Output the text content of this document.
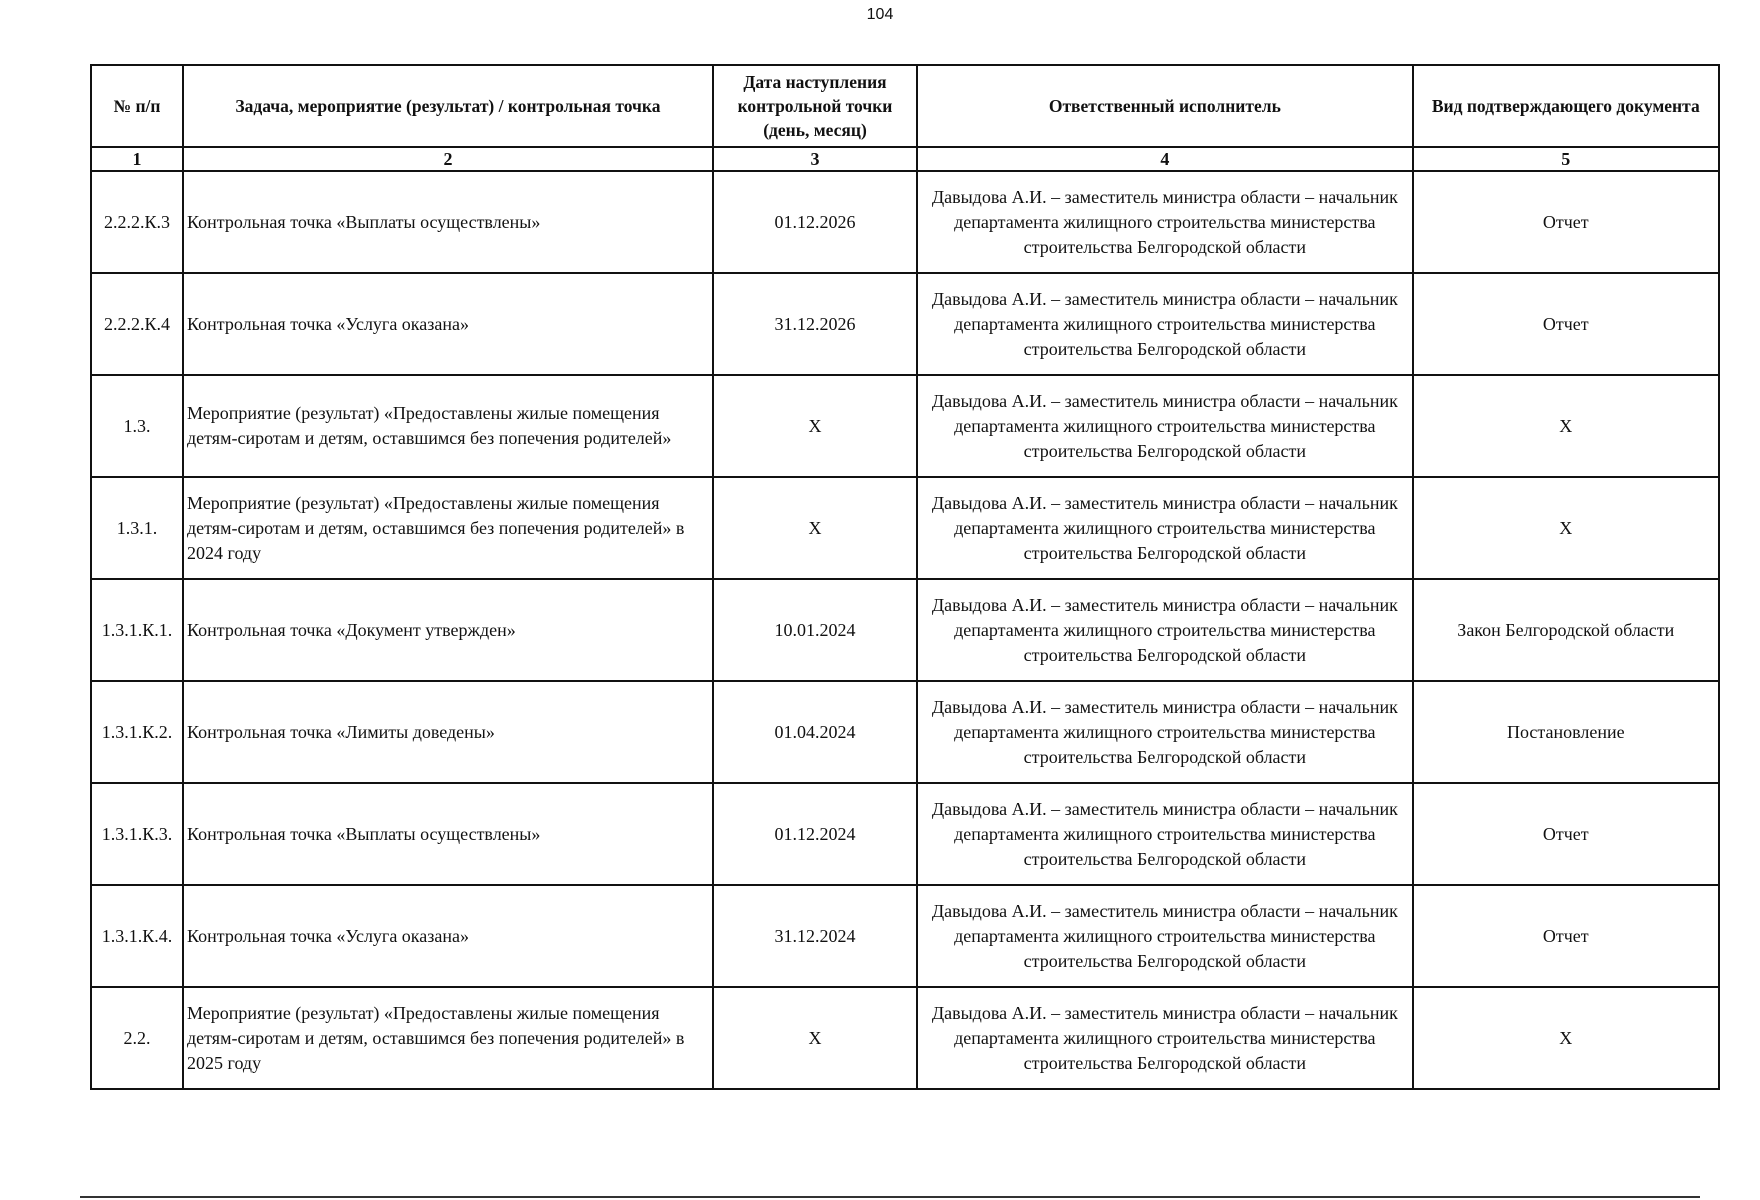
104
№ п/п	Задача, мероприятие (результат) / контрольная точка	Дата наступления контрольной точки (день, месяц)	Ответственный исполнитель	Вид подтверждающего документа
1	2	3	4	5
2.2.2.К.3	Контрольная точка «Выплаты осуществлены»	01.12.2026	Давыдова А.И. – заместитель министра области – начальник департамента жилищного строительства министерства строительства Белгородской области	Отчет
2.2.2.К.4	Контрольная точка «Услуга оказана»	31.12.2026	Давыдова А.И. – заместитель министра области – начальник департамента жилищного строительства министерства строительства Белгородской области	Отчет
1.3.	Мероприятие (результат) «Предоставлены жилые помещения детям-сиротам и детям, оставшимся без попечения родителей»	X	Давыдова А.И. – заместитель министра области – начальник департамента жилищного строительства министерства строительства Белгородской области	X
1.3.1.	Мероприятие (результат) «Предоставлены жилые помещения детям-сиротам и детям, оставшимся без попечения родителей» в 2024 году	X	Давыдова А.И. – заместитель министра области – начальник департамента жилищного строительства министерства строительства Белгородской области	X
1.3.1.К.1.	Контрольная точка «Документ утвержден»	10.01.2024	Давыдова А.И. – заместитель министра области – начальник департамента жилищного строительства министерства строительства Белгородской области	Закон Белгородской области
1.3.1.К.2.	Контрольная точка «Лимиты доведены»	01.04.2024	Давыдова А.И. – заместитель министра области – начальник департамента жилищного строительства министерства строительства Белгородской области	Постановление
1.3.1.К.3.	Контрольная точка «Выплаты осуществлены»	01.12.2024	Давыдова А.И. – заместитель министра области – начальник департамента жилищного строительства министерства строительства Белгородской области	Отчет
1.3.1.К.4.	Контрольная точка «Услуга оказана»	31.12.2024	Давыдова А.И. – заместитель министра области – начальник департамента жилищного строительства министерства строительства Белгородской области	Отчет
2.2.	Мероприятие (результат) «Предоставлены жилые помещения детям-сиротам и детям, оставшимся без попечения родителей» в 2025 году	X	Давыдова А.И. – заместитель министра области – начальник департамента жилищного строительства министерства строительства Белгородской области	X
